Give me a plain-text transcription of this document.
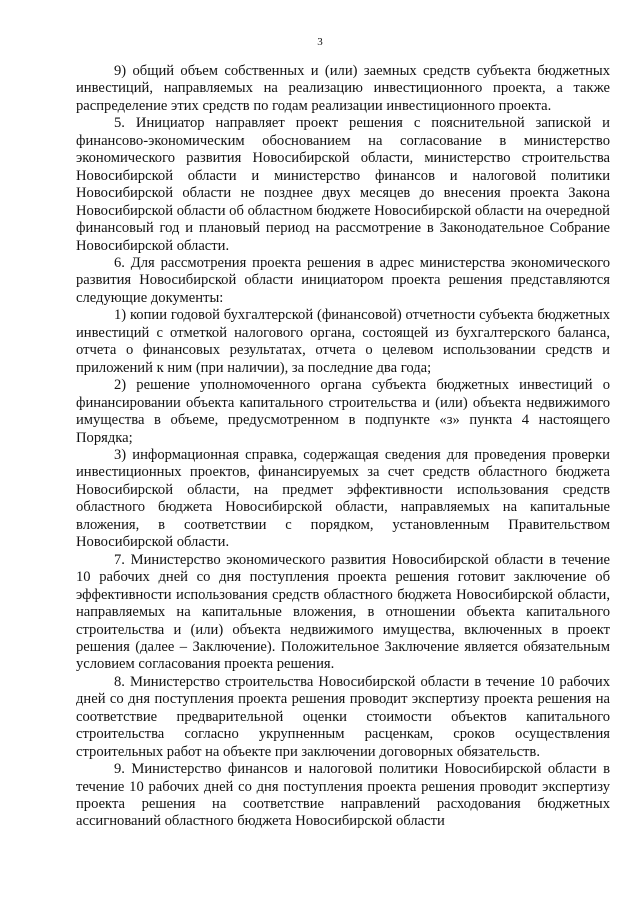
3

9) общий объем собственных и (или) заемных средств субъекта бюджетных инвестиций, направляемых на реализацию инвестиционного проекта, а также распределение этих средств по годам реализации инвестиционного проекта.

5. Инициатор направляет проект решения с пояснительной запиской и финансово-экономическим обоснованием на согласование в министерство экономического развития Новосибирской области, министерство строительства Новосибирской области и министерство финансов и налоговой политики Новосибирской области не позднее двух месяцев до внесения проекта Закона Новосибирской области об областном бюджете Новосибирской области на очередной финансовый год и плановый период на рассмотрение в Законодательное Собрание Новосибирской области.

6. Для рассмотрения проекта решения в адрес министерства экономического развития Новосибирской области инициатором проекта решения представляются следующие документы:

1) копии годовой бухгалтерской (финансовой) отчетности субъекта бюджетных инвестиций с отметкой налогового органа, состоящей из бухгалтерского баланса, отчета о финансовых результатах, отчета о целевом использовании средств и приложений к ним (при наличии), за последние два года;

2) решение уполномоченного органа субъекта бюджетных инвестиций о финансировании объекта капитального строительства и (или) объекта недвижимого имущества в объеме, предусмотренном в подпункте «з» пункта 4 настоящего Порядка;

3) информационная справка, содержащая сведения для проведения проверки инвестиционных проектов, финансируемых за счет средств областного бюджета Новосибирской области, на предмет эффективности использования средств областного бюджета Новосибирской области, направляемых на капитальные вложения, в соответствии с порядком, установленным Правительством Новосибирской области.

7. Министерство экономического развития Новосибирской области в течение 10 рабочих дней со дня поступления проекта решения готовит заключение об эффективности использования средств областного бюджета Новосибирской области, направляемых на капитальные вложения, в отношении объекта капитального строительства и (или) объекта недвижимого имущества, включенных в проект решения (далее – Заключение). Положительное Заключение является обязательным условием согласования проекта решения.

8. Министерство строительства Новосибирской области в течение 10 рабочих дней со дня поступления проекта решения проводит экспертизу проекта решения на соответствие предварительной оценки стоимости объектов капитального строительства согласно укрупненным расценкам, сроков осуществления строительных работ на объекте при заключении договорных обязательств.

9. Министерство финансов и налоговой политики Новосибирской области в течение 10 рабочих дней со дня поступления проекта решения проводит экспертизу проекта решения на соответствие направлений расходования бюджетных ассигнований областного бюджета Новосибирской области
